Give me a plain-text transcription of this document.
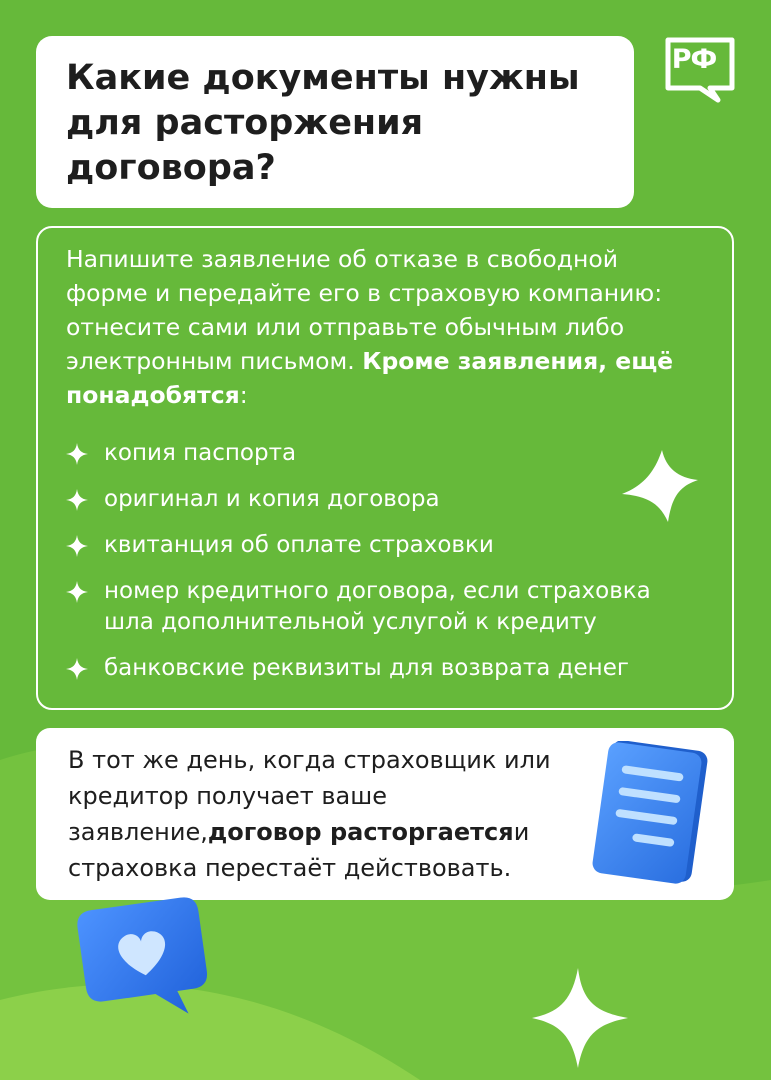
РФ
Какие документы нужны для расторжения договора?

Напишите заявление об отказе в свободной форме и передайте его в страховую компанию: отнесите сами или отправьте обычным либо электронным письмом. Кроме заявления, ещё понадобятся:

копия паспорта
оригинал и копия договора
квитанция об оплате страховки
номер кредитного договора, если страховка шла дополнительной услугой к кредиту
банковские реквизиты для возврата денег

В тот же день, когда страховщик или кредитор получает ваше заявление,договор расторгаетсяи страховка перестаёт действовать.
